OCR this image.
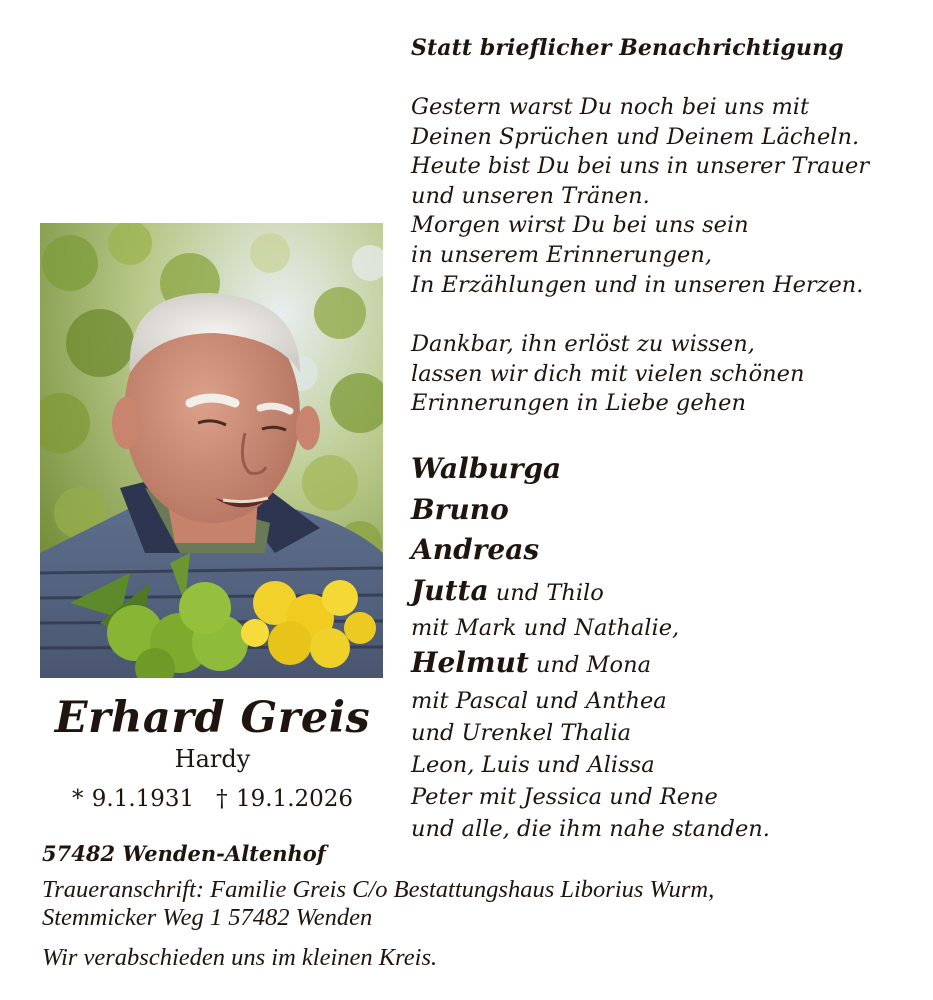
Statt brieflicher Benachrichtigung

Gestern warst Du noch bei uns mit
Deinen Sprüchen und Deinem Lächeln.
Heute bist Du bei uns in unserer Trauer
und unseren Tränen.
Morgen wirst Du bei uns sein
in unserem Erinnerungen,
In Erzählungen und in unseren Herzen.

Dankbar, ihn erlöst zu wissen,
lassen wir dich mit vielen schönen
Erinnerungen in Liebe gehen

Walburga
Bruno
Andreas
Jutta und Thilo
mit Mark und Nathalie,
Helmut und Mona
mit Pascal und Anthea
und Urenkel Thalia
Leon, Luis und Alissa
Peter mit Jessica und Rene
und alle, die ihm nahe standen.
Erhard Greis
Hardy
* 9.1.1931 † 19.1.2026
57482 Wenden-Altenhof
Traueranschrift: Familie Greis C/o Bestattungshaus Liborius Wurm,
Stemmicker Weg 1 57482 Wenden
Wir verabschieden uns im kleinen Kreis.
